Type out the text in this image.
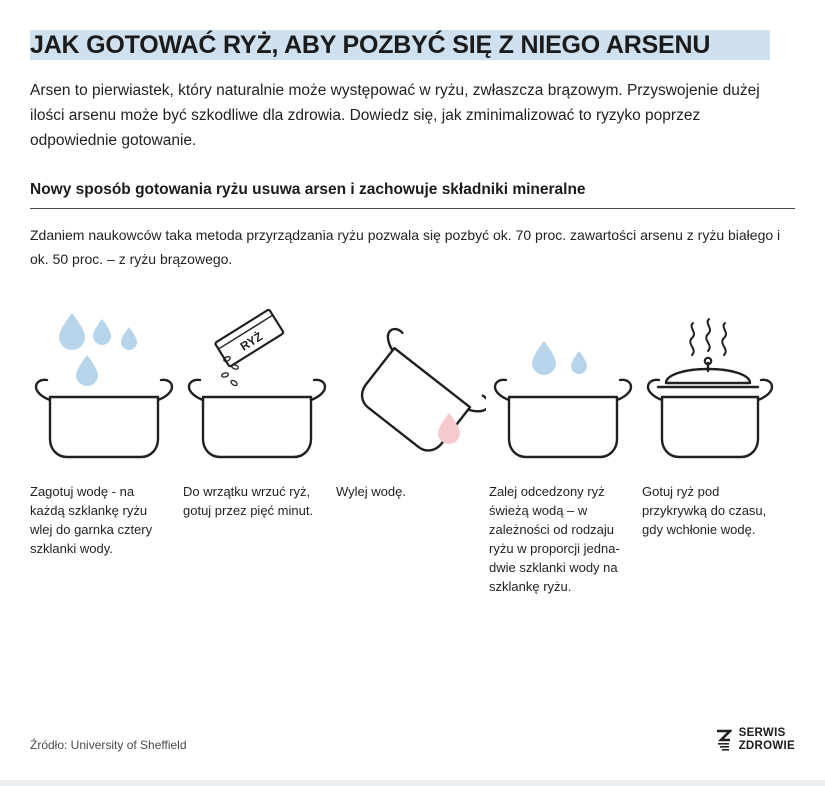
JAK GOTOWAĆ RYŻ, ABY POZBYĆ SIĘ Z NIEGO ARSENU
Arsen to pierwiastek, który naturalnie może występować w ryżu, zwłaszcza brązowym. Przyswojenie dużej ilości arsenu może być szkodliwe dla zdrowia. Dowiedz się, jak zminimalizować to ryzyko poprzez odpowiednie gotowanie.
Nowy sposób gotowania ryżu usuwa arsen i zachowuje składniki mineralne
Zdaniem naukowców taka metoda przyrządzania ryżu pozwala się pozbyć ok. 70 proc. zawartości arsenu z ryżu białego i ok. 50 proc. – z ryżu brązowego.
Zagotuj wodę - na każdą szklankę ryżu wlej do garnka cztery szklanki wody.
RYŻ
Do wrzątku wrzuć ryż, gotuj przez pięć minut.
Wylej wodę.	Zalej odcedzony ryż świeżą wodą – w zależności od rodzaju ryżu w proporcji jedna-dwie szklanki wody na szklankę ryżu.
Gotuj ryż pod przykrywką do czasu, gdy wchłonie wodę.
Źródło: University of Sheffield
SERWIS
ZDROWIE
